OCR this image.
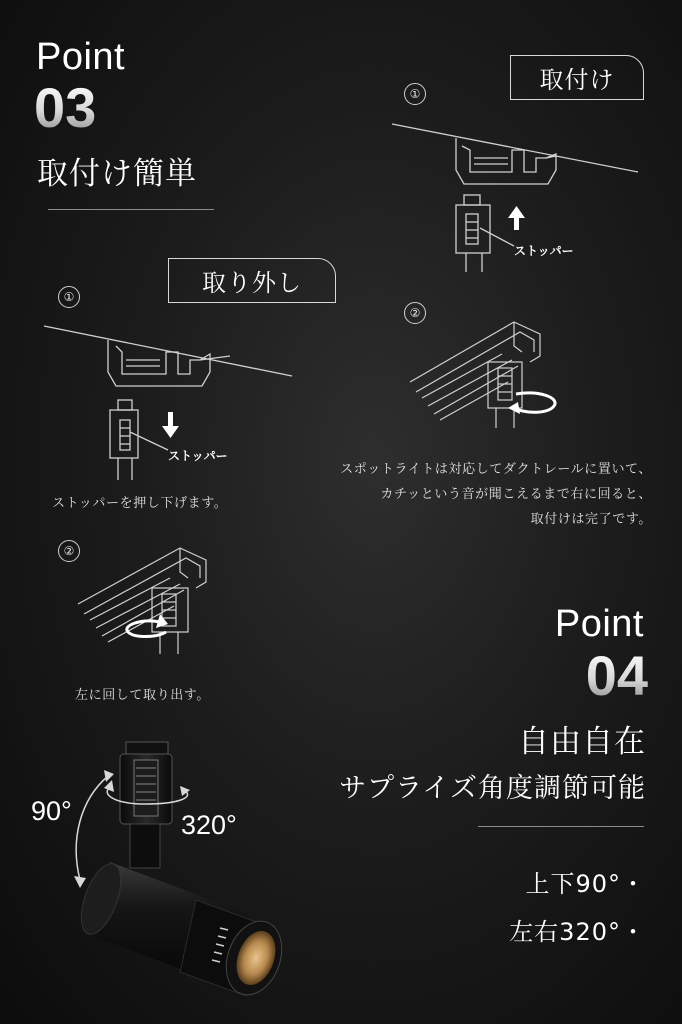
Point
03
取付け簡単
取り外し
①
ストッパー
ストッパーを押し下げます。
②
左に回して取り出す。
取付け
①
ストッパー
②
スポットライトは対応してダクトレールに置いて、
カチッという音が聞こえるまで右に回ると、
取付けは完了です。
Point
04
自由自在
サプライズ角度調節可能
上下90°・
左右320°・
90°	320°
